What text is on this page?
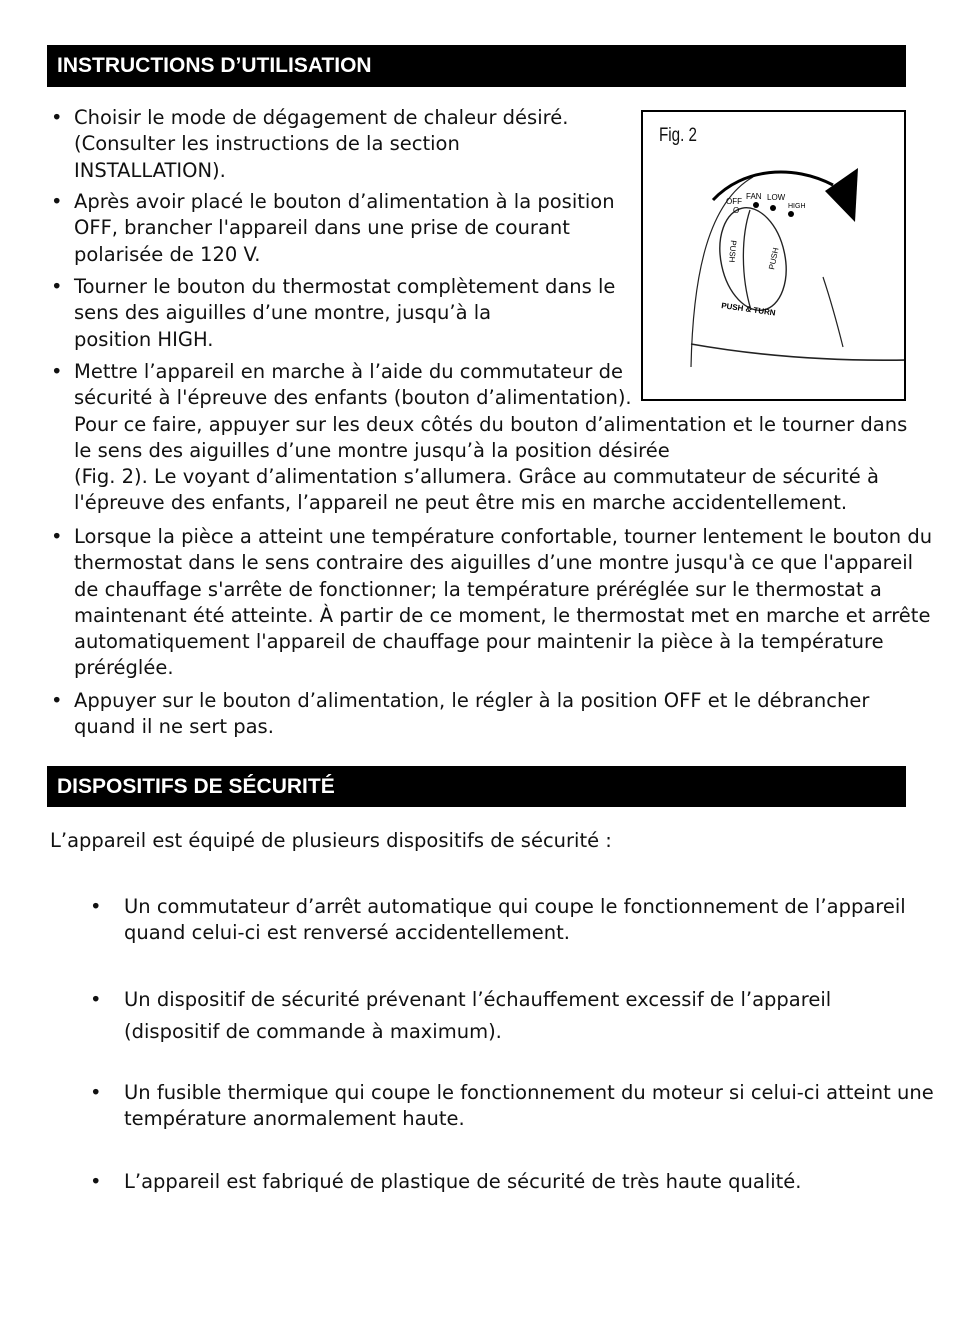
INSTRUCTIONS D’UTILISATION
• Choisir le mode de dégagement de chaleur désiré.
(Consulter les instructions de la section
INSTALLATION).
• Après avoir placé le bouton d’alimentation à la position
OFF, brancher l'appareil dans une prise de courant
polarisée de 120 V.
• Tourner le bouton du thermostat complètement dans le
sens des aiguilles d’une montre, jusqu’à la
position HIGH.
• Mettre l’appareil en marche à l’aide du commutateur de
sécurité à l'épreuve des enfants (bouton d’alimentation).
Pour ce faire, appuyer sur les deux côtés du bouton d’alimentation et le tourner dans
le sens des aiguilles d’une montre jusqu’à la position désirée
(Fig. 2). Le voyant d’alimentation s’allumera. Grâce au commutateur de sécurité à
l'épreuve des enfants, l’appareil ne peut être mis en marche accidentellement.
• Lorsque la pièce a atteint une température confortable, tourner lentement le bouton du
thermostat dans le sens contraire des aiguilles d’une montre jusqu'à ce que l'appareil
de chauffage s'arrête de fonctionner; la température préréglée sur le thermostat a
maintenant été atteinte. À partir de ce moment, le thermostat met en marche et arrête
automatiquement l'appareil de chauffage pour maintenir la pièce à la température
préréglée.
• Appuyer sur le bouton d’alimentation, le régler à la position OFF et le débrancher
quand il ne sert pas.
Fig. 2
OFF
FAN LOW
HIGH
O
PUSH	PUSH
PUSH & TURN
DISPOSITIFS DE SÉCURITÉ
L’appareil est équipé de plusieurs dispositifs de sécurité :
• Un commutateur d’arrêt automatique qui coupe le fonctionnement de l’appareil
quand celui-ci est renversé accidentellement.
• Un dispositif de sécurité prévenant l’échauffement excessif de l’appareil
(dispositif de commande à maximum).
• Un fusible thermique qui coupe le fonctionnement du moteur si celui-ci atteint une
température anormalement haute.
• L’appareil est fabriqué de plastique de sécurité de très haute qualité.
